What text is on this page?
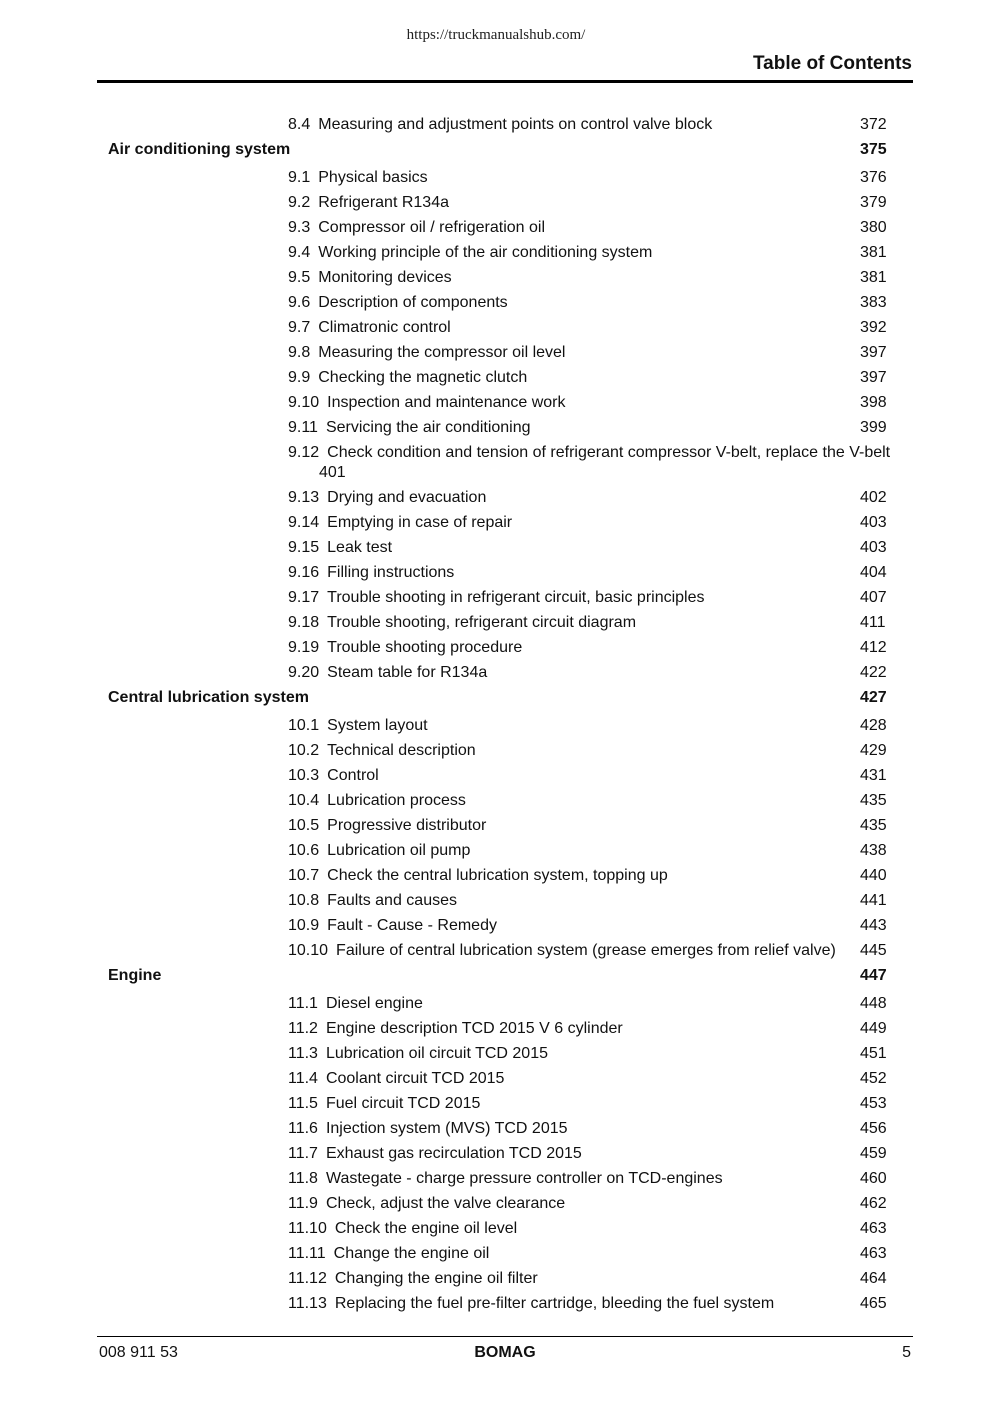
https://truckmanualshub.com/
Table of Contents
8.4 Measuring and adjustment points on control valve block	372
Air conditioning system	375
9.1 Physical basics	376
9.2 Refrigerant R134a	379
9.3 Compressor oil / refrigeration oil	380
9.4 Working principle of the air conditioning system	381
9.5 Monitoring devices	381
9.6 Description of components	383
9.7 Climatronic control	392
9.8 Measuring the compressor oil level	397
9.9 Checking the magnetic clutch	397
9.10 Inspection and maintenance work	398
9.11 Servicing the air conditioning	399
9.12 Check condition and tension of refrigerant compressor V-belt, replace the V-belt
401
9.13 Drying and evacuation	402
9.14 Emptying in case of repair	403
9.15 Leak test	403
9.16 Filling instructions	404
9.17 Trouble shooting in refrigerant circuit, basic principles	407
9.18 Trouble shooting, refrigerant circuit diagram	411
9.19 Trouble shooting procedure	412
9.20 Steam table for R134a	422
Central lubrication system	427
10.1 System layout	428
10.2 Technical description	429
10.3 Control	431
10.4 Lubrication process	435
10.5 Progressive distributor	435
10.6 Lubrication oil pump	438
10.7 Check the central lubrication system, topping up	440
10.8 Faults and causes	441
10.9 Fault - Cause - Remedy	443
10.10 Failure of central lubrication system (grease emerges from relief valve) 445
Engine	447
11.1 Diesel engine	448
11.2 Engine description TCD 2015 V 6 cylinder	449
11.3 Lubrication oil circuit TCD 2015	451
11.4 Coolant circuit TCD 2015	452
11.5 Fuel circuit TCD 2015	453
11.6 Injection system (MVS) TCD 2015	456
11.7 Exhaust gas recirculation TCD 2015	459
11.8 Wastegate - charge pressure controller on TCD-engines	460
11.9 Check, adjust the valve clearance	462
11.10 Check the engine oil level	463
11.11 Change the engine oil	463
11.12 Changing the engine oil filter	464
11.13 Replacing the fuel pre-filter cartridge, bleeding the fuel system	465
008 911 53	BOMAG	5
